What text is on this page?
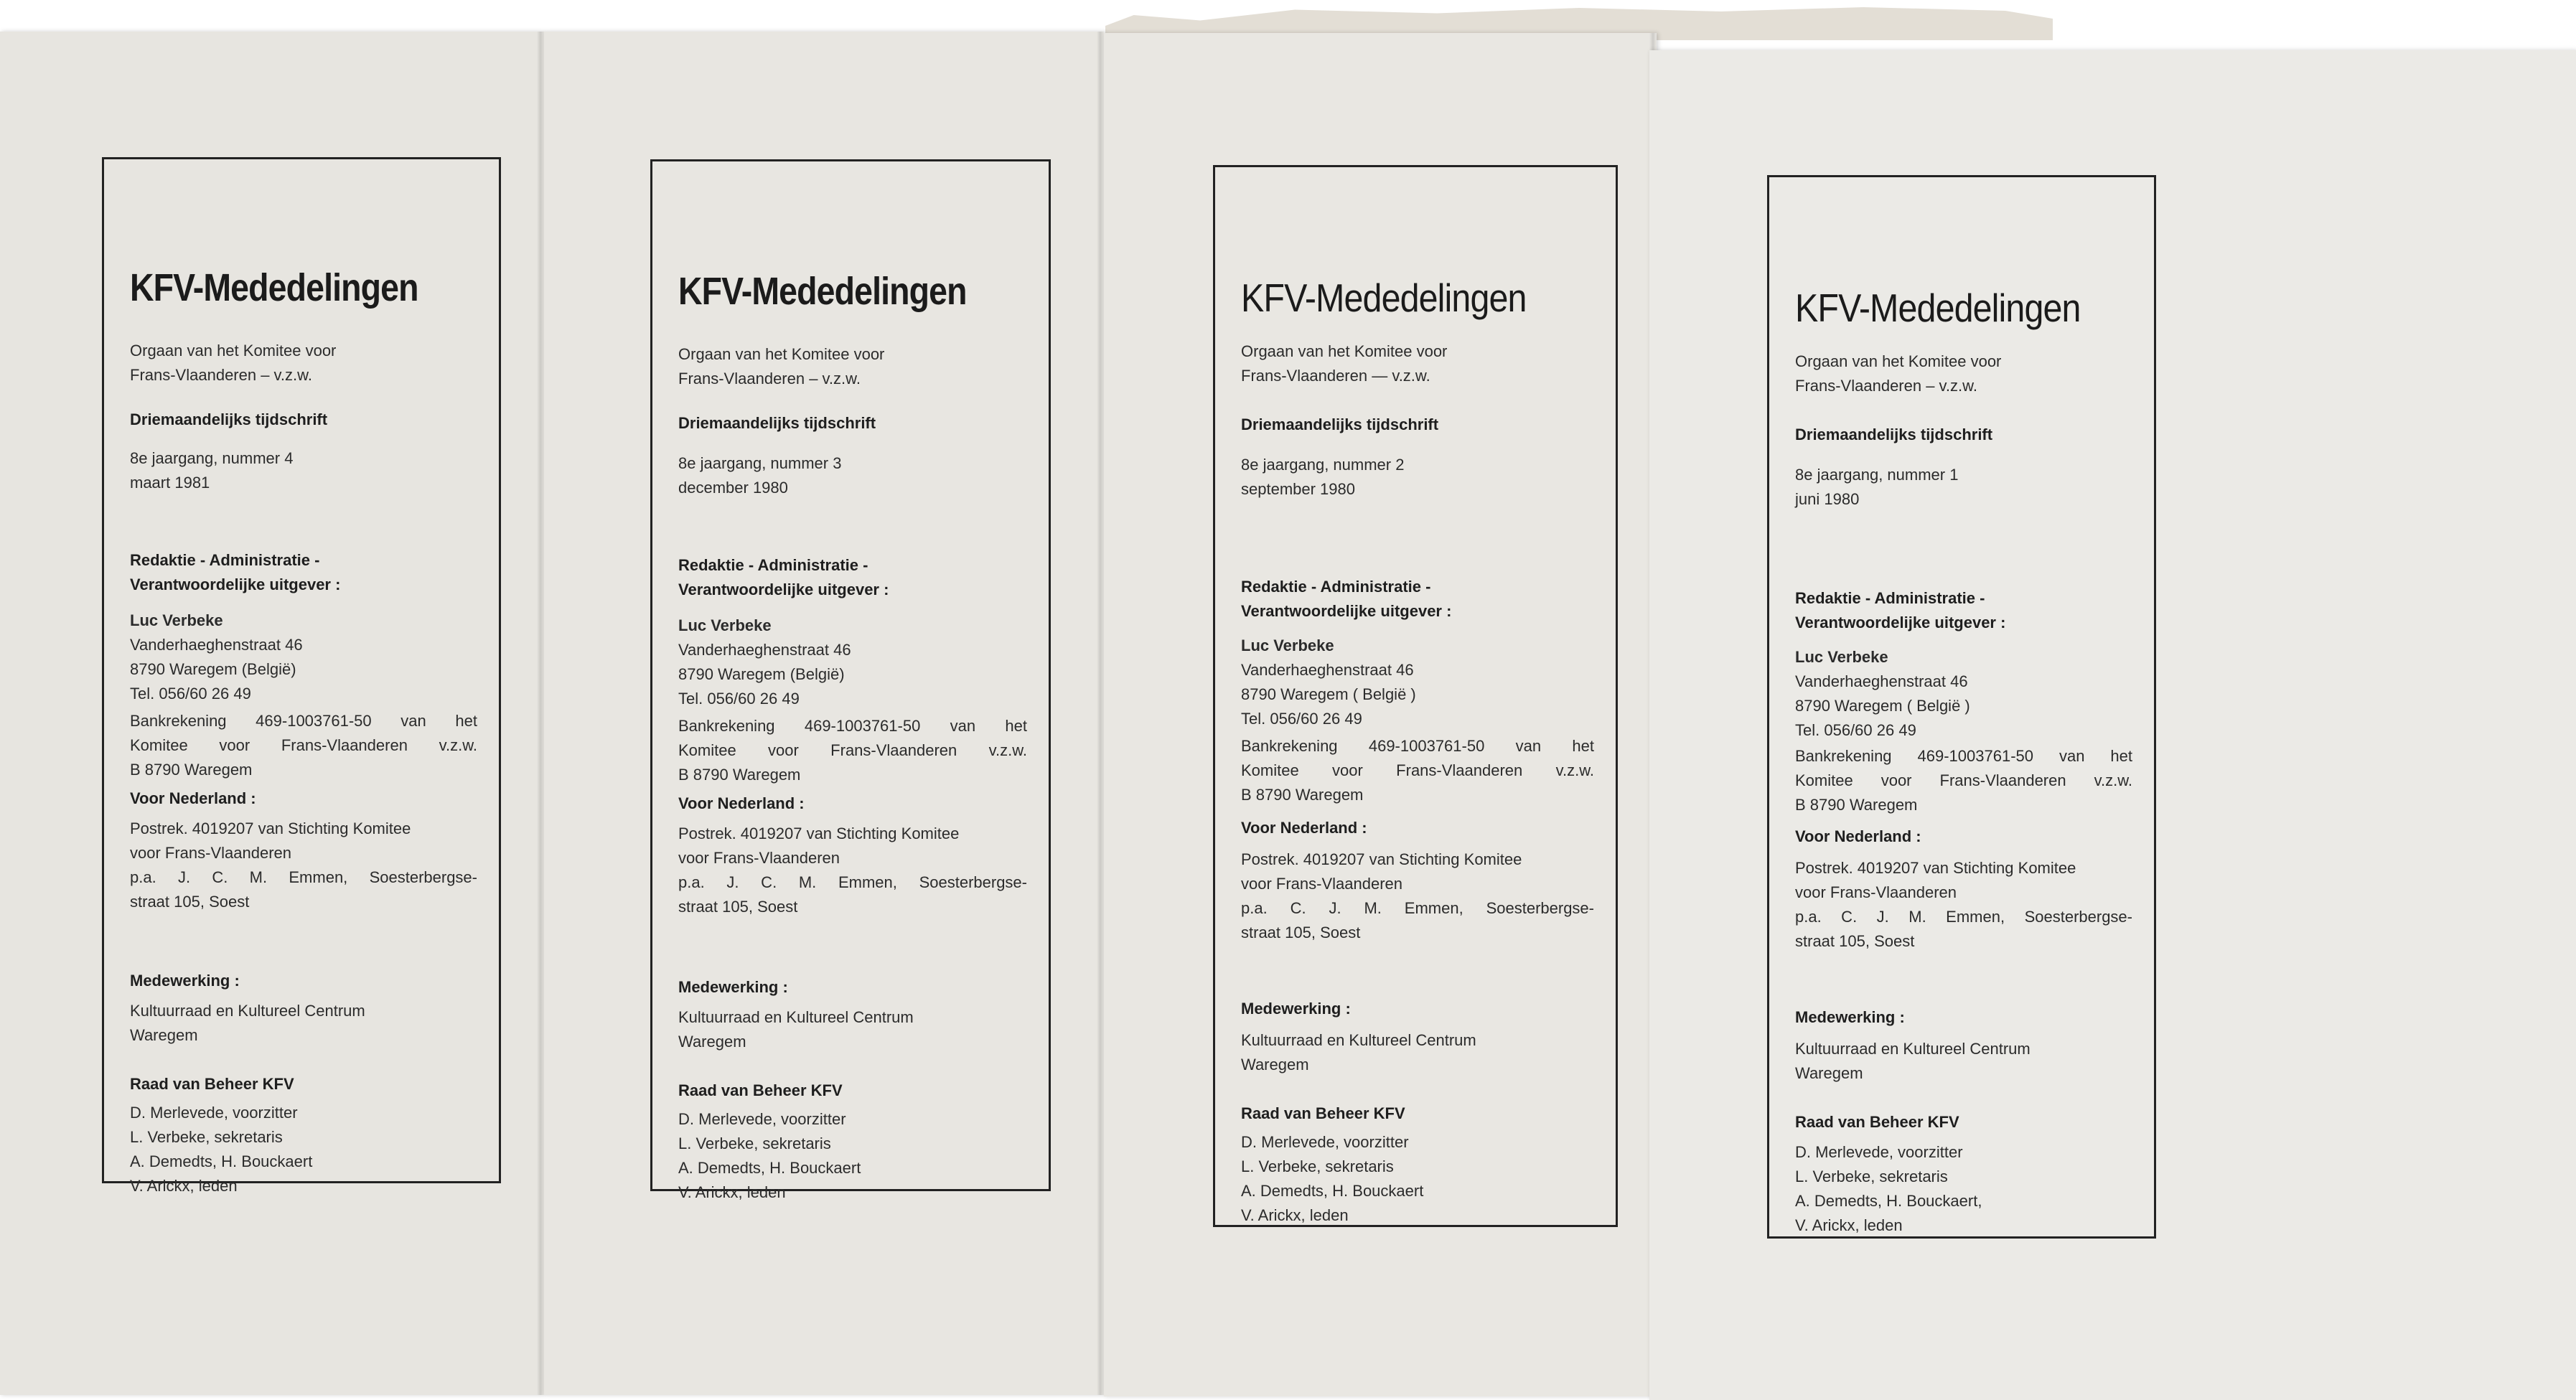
KFV-Mededelingen
Orgaan van het Komitee voor
Frans-Vlaanderen – v.z.w.
Driemaandelijks tijdschrift
8e jaargang, nummer 4
maart 1981
Redaktie - Administratie -
Verantwoordelijke uitgever :
Luc Verbeke
Vanderhaeghenstraat 46
8790 Waregem (België)
Tel. 056/60 26 49
Bankrekening 469-1003761-50 van het
Komitee voor Frans-Vlaanderen v.z.w.
B 8790 Waregem
Voor Nederland :
Postrek. 4019207 van Stichting Komitee
voor Frans-Vlaanderen
p.a. J. C. M. Emmen, Soesterbergse-
straat 105, Soest
Medewerking :
Kultuurraad en Kultureel Centrum
Waregem
Raad van Beheer KFV
D. Merlevede, voorzitter
L. Verbeke, sekretaris
A. Demedts, H. Bouckaert
V. Arickx, leden
KFV-Mededelingen
Orgaan van het Komitee voor
Frans-Vlaanderen – v.z.w.
Driemaandelijks tijdschrift
8e jaargang, nummer 3
december 1980
Redaktie - Administratie -
Verantwoordelijke uitgever :
Luc Verbeke
Vanderhaeghenstraat 46
8790 Waregem (België)
Tel. 056/60 26 49
Bankrekening 469-1003761-50 van het
Komitee voor Frans-Vlaanderen v.z.w.
B 8790 Waregem
Voor Nederland :
Postrek. 4019207 van Stichting Komitee
voor Frans-Vlaanderen
p.a. J. C. M. Emmen, Soesterbergse-
straat 105, Soest
Medewerking :
Kultuurraad en Kultureel Centrum
Waregem
Raad van Beheer KFV
D. Merlevede, voorzitter
L. Verbeke, sekretaris
A. Demedts, H. Bouckaert
V. Arickx, leden
KFV-Mededelingen
Orgaan van het Komitee voor
Frans-Vlaanderen — v.z.w.
Driemaandelijks tijdschrift
8e jaargang, nummer 2
september 1980
Redaktie - Administratie -
Verantwoordelijke uitgever :
Luc Verbeke
Vanderhaeghenstraat 46
8790 Waregem ( België )
Tel. 056/60 26 49
Bankrekening 469-1003761-50 van het
Komitee voor Frans-Vlaanderen v.z.w.
B 8790 Waregem
Voor Nederland :
Postrek. 4019207 van Stichting Komitee
voor Frans-Vlaanderen
p.a. C. J. M. Emmen, Soesterbergse-
straat 105, Soest
Medewerking :
Kultuurraad en Kultureel Centrum
Waregem
Raad van Beheer KFV
D. Merlevede, voorzitter
L. Verbeke, sekretaris
A. Demedts, H. Bouckaert
V. Arickx, leden
KFV-Mededelingen
Orgaan van het Komitee voor
Frans-Vlaanderen – v.z.w.
Driemaandelijks tijdschrift
8e jaargang, nummer 1
juni 1980
Redaktie - Administratie -
Verantwoordelijke uitgever :
Luc Verbeke
Vanderhaeghenstraat 46
8790 Waregem ( België )
Tel. 056/60 26 49
Bankrekening 469-1003761-50 van het
Komitee voor Frans-Vlaanderen v.z.w.
B 8790 Waregem
Voor Nederland :
Postrek. 4019207 van Stichting Komitee
voor Frans-Vlaanderen
p.a. C. J. M. Emmen, Soesterbergse-
straat 105, Soest
Medewerking :
Kultuurraad en Kultureel Centrum
Waregem
Raad van Beheer KFV
D. Merlevede, voorzitter
L. Verbeke, sekretaris
A. Demedts, H. Bouckaert,
V. Arickx, leden
